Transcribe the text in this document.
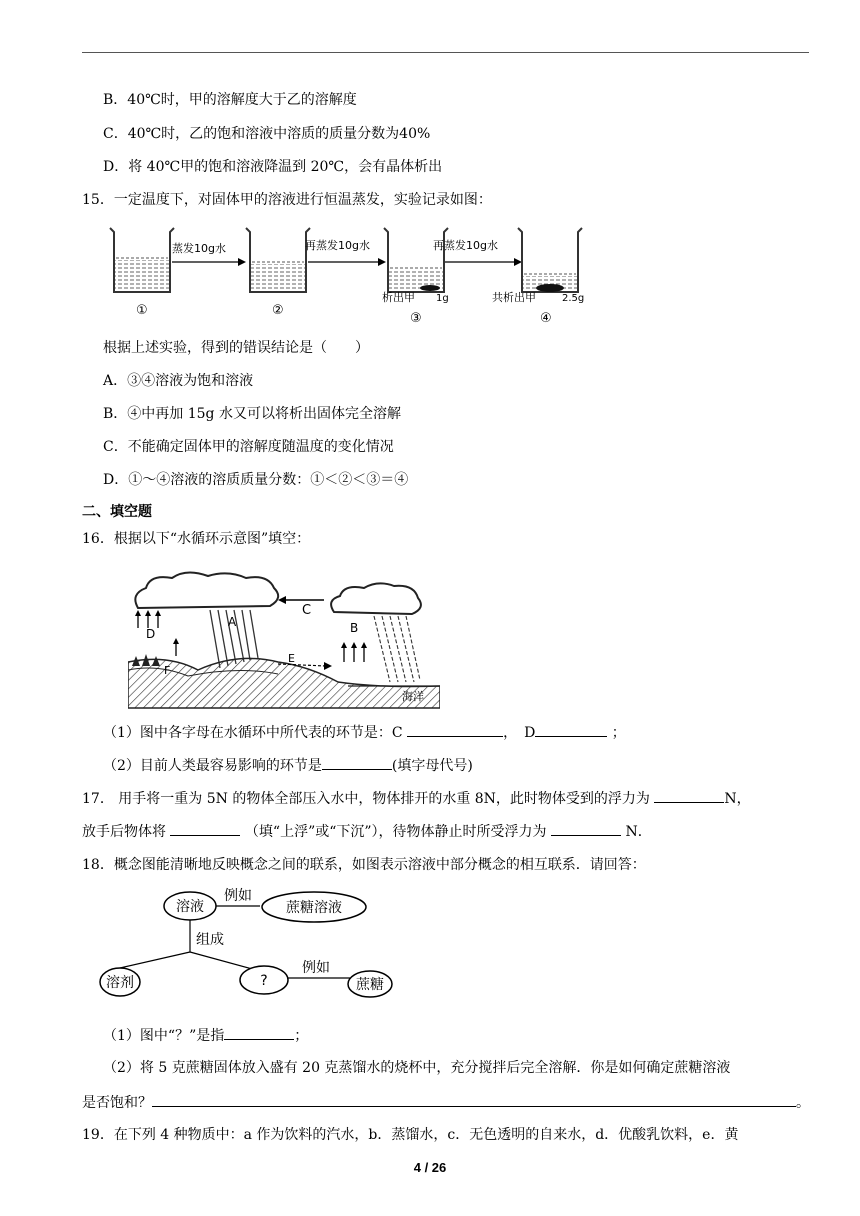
B．40℃时，甲的溶解度大于乙的溶解度
C．40℃时，乙的饱和溶液中溶质的质量分数为40%
D．将 40℃甲的饱和溶液降温到 20℃，会有晶体析出
15．一定温度下，对固体甲的溶液进行恒温蒸发，实验记录如图：
蒸发10g水	再蒸发10g水	再蒸发10g水
①	②
析出甲 1g
③
共析出甲	2.5g
④
根据上述实验，得到的错误结论是（　　）
A．③④溶液为饱和溶液
B．④中再加 15g 水又可以将析出固体完全溶解
C．不能确定固体甲的溶解度随温度的变化情况
D．①～④溶液的溶质质量分数：①＜②＜③＝④
二、填空题
16．根据以下“水循环示意图”填空：
C
A	B
D
F
E
海洋
（1）图中各字母在水循环中所代表的环节是：C	，　D	；
（2）目前人类最容易影响的环节是	(填字母代号)
17． 用手将一重为 5N 的物体全部压入水中，物体排开的水重 8N，此时物体受到的浮力为	N，
放手后物体将	（填“上浮”或“下沉”），待物体静止时所受浮力为	N．
18．概念图能清晰地反映概念之间的联系，如图表示溶液中部分概念的相互联系．请回答：
溶液
例如
蔗糖溶液
组成
溶剂	?
例如
蔗糖
（1）图中“？”是指	；
（2）将 5 克蔗糖固体放入盛有 20 克蒸馏水的烧杯中，充分搅拌后完全溶解．你是如何确定蔗糖溶液
是否饱和？	。
19．在下列 4 种物质中：a 作为饮料的汽水，b．蒸馏水，c．无色透明的自来水，d．优酸乳饮料，e．黄
4 / 26
